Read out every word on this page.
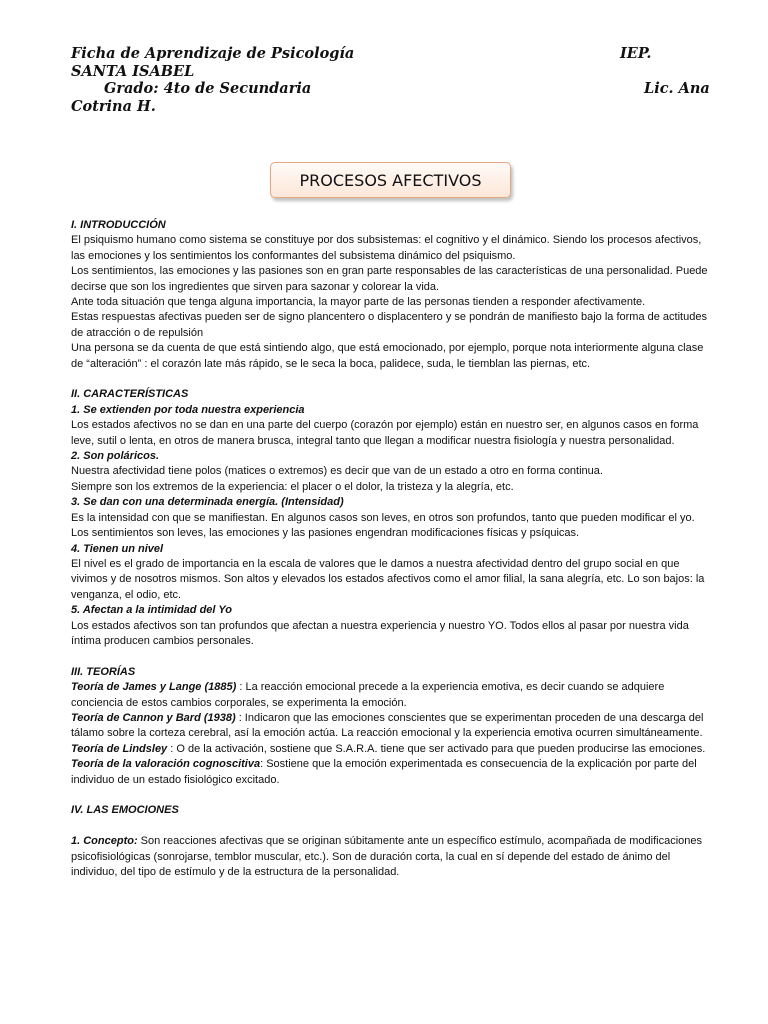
Ficha de Aprendizaje de Psicología	IEP.
SANTA ISABEL
Grado: 4to de Secundaria	Lic. Ana
Cotrina H.
PROCESOS AFECTIVOS

I. INTRODUCCIÓN

El psiquismo humano como sistema se constituye por dos subsistemas: el cognitivo y el dinámico. Siendo los procesos afectivos, las emociones y los sentimientos los conformantes del subsistema dinámico del psiquismo.

Los sentimientos, las emociones y las pasiones son en gran parte responsables de las características de una personalidad. Puede decirse que son los ingredientes que sirven para sazonar y colorear la vida.

Ante toda situación que tenga alguna importancia, la mayor parte de las personas tienden a responder afectivamente.

Estas respuestas afectivas pueden ser de signo plancentero o displacentero y se pondrán de manifiesto bajo la forma de actitudes de atracción o de repulsión

Una persona se da cuenta de que está sintiendo algo, que está emocionado, por ejemplo, porque nota interiormente alguna clase de “alteración” : el corazón late más rápido, se le seca la boca, palidece, suda, le tiemblan las piernas, etc.

II. CARACTERÍSTICAS

1. Se extienden por toda nuestra experiencia

Los estados afectivos no se dan en una parte del cuerpo (corazón por ejemplo) están en nuestro ser, en algunos casos en forma leve, sutil o lenta, en otros de manera brusca, integral tanto que llegan a modificar nuestra fisiología y nuestra personalidad.

2. Son poláricos.

Nuestra afectividad tiene polos (matices o extremos) es decir que van de un estado a otro en forma continua.

Siempre son los extremos de la experiencia: el placer o el dolor, la tristeza y la alegría, etc.

3. Se dan con una determinada energía. (Intensidad)

Es la intensidad con que se manifiestan. En algunos casos son leves, en otros son profundos, tanto que pueden modificar el yo. Los sentimientos son leves, las emociones y las pasiones engendran modificaciones físicas y psíquicas.

4. Tienen un nivel

El nivel es el grado de importancia en la escala de valores que le damos a nuestra afectividad dentro del grupo social en que vivimos y de nosotros mismos. Son altos y elevados los estados afectivos como el amor filial, la sana alegría, etc. Lo son bajos: la venganza, el odio, etc.

5. Afectan a la intimidad del Yo

Los estados afectivos son tan profundos que afectan a nuestra experiencia y nuestro YO. Todos ellos al pasar por nuestra vida íntima producen cambios personales.

III. TEORÍAS

Teoría de James y Lange (1885) : La reacción emocional precede a la experiencia emotiva, es decir cuando se adquiere conciencia de estos cambios corporales, se experimenta la emoción.

Teoría de Cannon y Bard (1938) : Indicaron que las emociones conscientes que se experimentan proceden de una descarga del tálamo sobre la corteza cerebral, así la emoción actúa. La reacción emocional y la experiencia emotiva ocurren simultáneamente.

Teoría de Lindsley : O de la activación, sostiene que S.A.R.A. tiene que ser activado para que pueden producirse las emociones.

Teoría de la valoración cognoscitiva: Sostiene que la emoción experimentada es consecuencia de la explicación por parte del individuo de un estado fisiológico excitado.

IV. LAS EMOCIONES

1. Concepto: Son reacciones afectivas que se originan súbitamente ante un específico estímulo, acompañada de modificaciones psicofisiológicas (sonrojarse, temblor muscular, etc.). Son de duración corta, la cual en sí depende del estado de ánimo del individuo, del tipo de estímulo y de la estructura de la personalidad.
